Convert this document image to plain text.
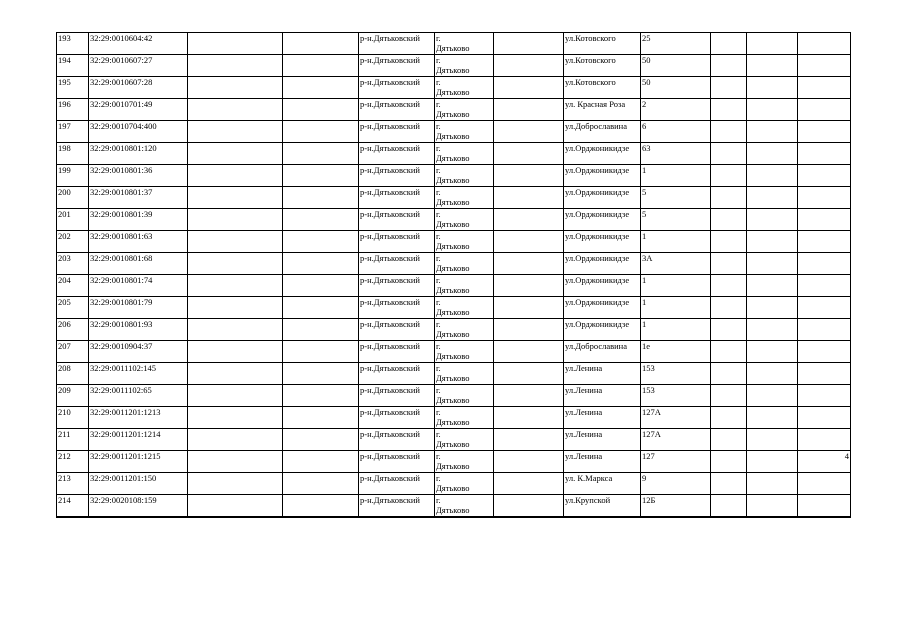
193	32:29:0010604:42			р-н.Дятьковский	г.
Дятьково		ул.Котовского	25			
194	32:29:0010607:27			р-н.Дятьковский	г.
Дятьково		ул.Котовского	50			
195	32:29:0010607:28			р-н.Дятьковский	г.
Дятьково		ул.Котовского	50			
196	32:29:0010701:49			р-н.Дятьковский	г.
Дятьково		ул. Красная Роза	2			
197	32:29:0010704:400			р-н.Дятьковский	г.
Дятьково		ул.Доброславина	6			
198	32:29:0010801:120			р-н.Дятьковский	г.
Дятьково		ул.Орджоникидзе	63			
199	32:29:0010801:36			р-н.Дятьковский	г.
Дятьково		ул.Орджоникидзе	1			
200	32:29:0010801:37			р-н.Дятьковский	г.
Дятьково		ул.Орджоникидзе	5			
201	32:29:0010801:39			р-н.Дятьковский	г.
Дятьково		ул.Орджоникидзе	5			
202	32:29:0010801:63			р-н.Дятьковский	г.
Дятьково		ул.Орджоникидзе	1			
203	32:29:0010801:68			р-н.Дятьковский	г.
Дятьково		ул.Орджоникидзе	3А			
204	32:29:0010801:74			р-н.Дятьковский	г.
Дятьково		ул.Орджоникидзе	1			
205	32:29:0010801:79			р-н.Дятьковский	г.
Дятьково		ул.Орджоникидзе	1			
206	32:29:0010801:93			р-н.Дятьковский	г.
Дятьково		ул.Орджоникидзе	1			
207	32:29:0010904:37			р-н.Дятьковский	г.
Дятьково		ул.Доброславина	1е			
208	32:29:0011102:145			р-н.Дятьковский	г.
Дятьково		ул.Ленина	153			
209	32:29:0011102:65			р-н.Дятьковский	г.
Дятьково		ул.Ленина	153			
210	32:29:0011201:1213			р-н.Дятьковский	г.
Дятьково		ул.Ленина	127А			
211	32:29:0011201:1214			р-н.Дятьковский	г.
Дятьково		ул.Ленина	127А			
212	32:29:0011201:1215			р-н.Дятьковский	г.
Дятьково		ул.Ленина	127			4
213	32:29:0011201:150			р-н.Дятьковский	г.
Дятьково		ул. К.Маркса	9			
214	32:29:0020108:159			р-н.Дятьковский	г.
Дятьково		ул.Крупской	12Б			
